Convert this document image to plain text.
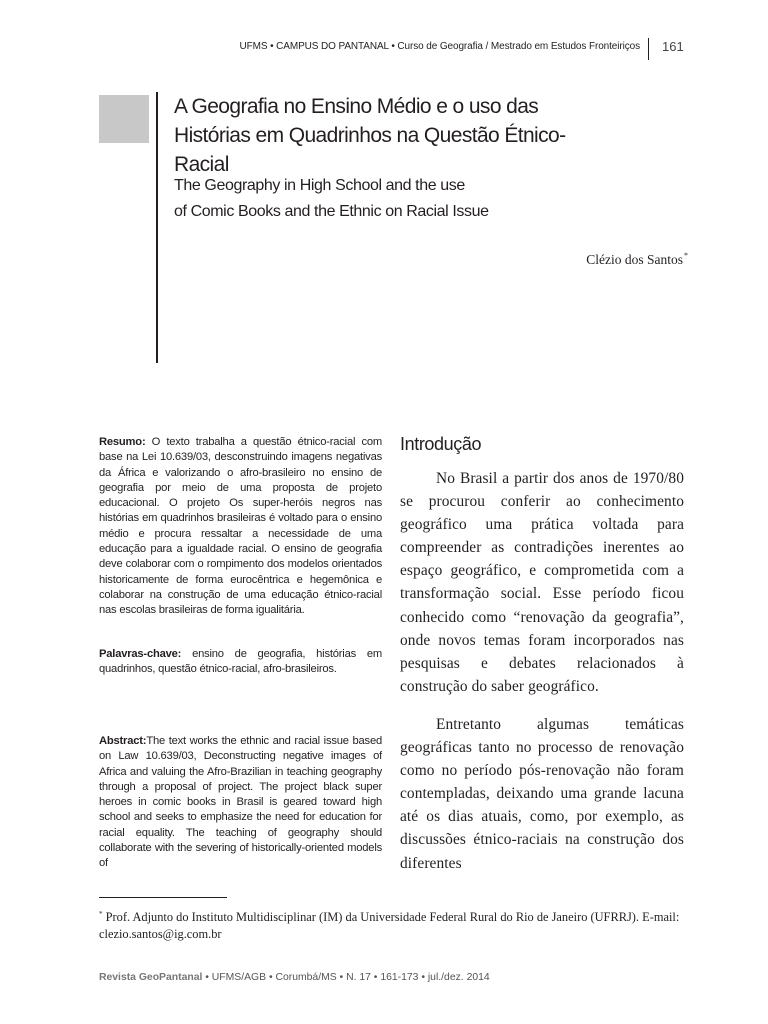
UFMS • CAMPUS DO PANTANAL • Curso de Geografia / Mestrado em Estudos Fronteiriços 161
A Geografia no Ensino Médio e o uso das
Histórias em Quadrinhos na Questão Étnico-Racial
The Geography in High School and the use
of Comic Books and the Ethnic on Racial Issue
Clézio dos Santos*
Resumo: O texto trabalha a questão étnico-racial com base na Lei 10.639/03, desconstruindo imagens negativas da África e valorizando o afro-brasileiro no ensino de geografia por meio de uma proposta de projeto educacional. O projeto Os super-heróis negros nas histórias em quadrinhos brasileiras é voltado para o ensino médio e procura ressaltar a necessidade de uma educação para a igualdade racial. O ensino de geografia deve colaborar com o rompimento dos modelos orientados historicamente de forma eurocêntrica e hegemônica e colaborar na construção de uma educação étnico-racial nas escolas brasileiras de forma igualitária.
Palavras-chave: ensino de geografia, histórias em quadrinhos, questão étnico-racial, afro-brasileiros.
Abstract:The text works the ethnic and racial issue based on Law 10.639/03, Deconstructing negative images of Africa and valuing the Afro-Brazilian in teaching geography through a proposal of project. The project black super heroes in comic books in Brasil is geared toward high school and seeks to emphasize the need for education for racial equality. The teaching of geography should collaborate with the severing of historically-oriented models of
Introdução
No Brasil a partir dos anos de 1970/80 se procurou conferir ao conhecimento geográfico uma prática voltada para compreender as contradições inerentes ao espaço geográfico, e comprometida com a transformação social. Esse período ficou conhecido como “renovação da geografia”, onde novos temas foram incorporados nas pesquisas e debates relacionados à construção do saber geográfico.
Entretanto algumas temáticas geográficas tanto no processo de renovação como no período pós-renovação não foram contempladas, deixando uma grande lacuna até os dias atuais, como, por exemplo, as discussões étnico-raciais na construção dos diferentes
* Prof. Adjunto do Instituto Multidisciplinar (IM) da Universidade Federal Rural do Rio de Janeiro (UFRRJ). E-mail: clezio.santos@ig.com.br
Revista GeoPantanal • UFMS/AGB • Corumbá/MS • N. 17 • 161-173 • jul./dez. 2014
